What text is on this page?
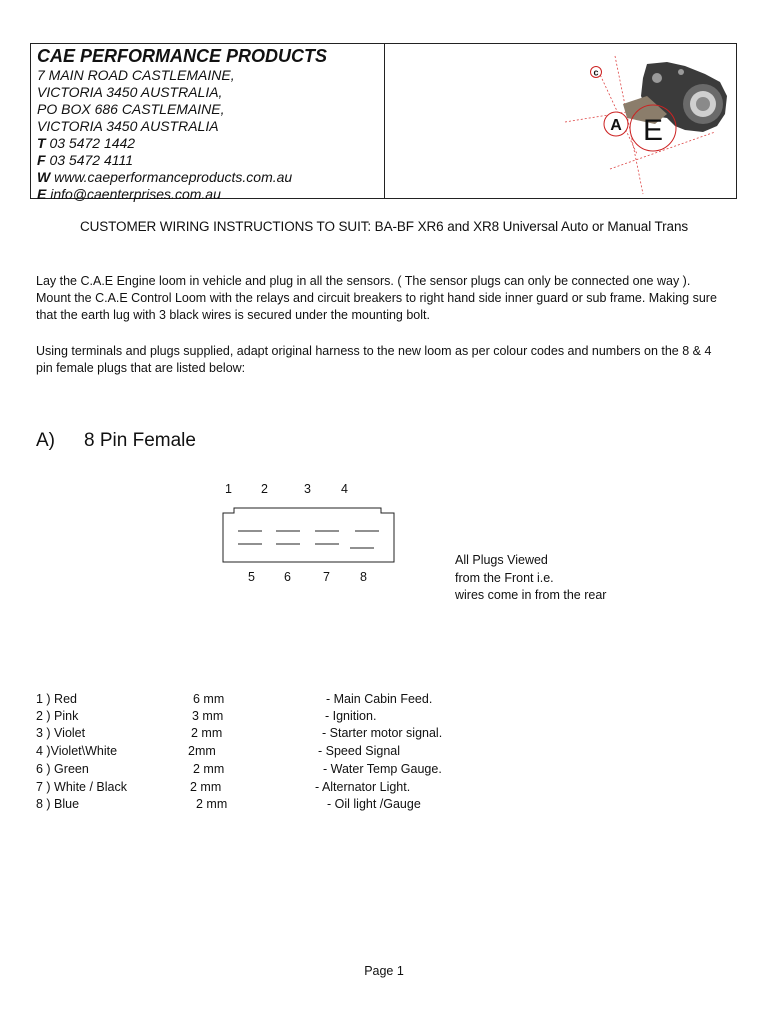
CAE PERFORMANCE PRODUCTS
7 MAIN ROAD CASTLEMAINE,
VICTORIA 3450 AUSTRALIA,
PO BOX 686 CASTLEMAINE,
VICTORIA 3450 AUSTRALIA
T 03 5472 1442
F 03 5472 4111
W www.caeperformanceproducts.com.au
E info@caenterprises.com.au
c
A E
CUSTOMER WIRING INSTRUCTIONS TO SUIT: BA-BF XR6 and XR8 Universal Auto or Manual Trans
Lay the C.A.E Engine loom in vehicle and plug in all the sensors. ( The sensor plugs can only be connected one way ). Mount the C.A.E Control Loom with the relays and circuit breakers to right hand side inner guard or sub frame. Making sure that the earth lug with 3 black wires is secured under the mounting bolt.
Using terminals and plugs supplied, adapt original harness to the new loom as per colour codes and numbers on the 8 & 4 pin female plugs that are listed below:
A) 8 Pin Female
1 2	3 4
5 6	7 8
All Plugs Viewed
from the Front i.e.
wires come in from the rear
1 ) Red	6 mm	- Main Cabin Feed.
2 ) Pink	3 mm	- Ignition.
3 ) Violet	2 mm	- Starter motor signal.
4 )Violet\White	2mm	- Speed Signal
6 ) Green	2 mm	- Water Temp Gauge.
7 ) White / Black	2 mm	- Alternator Light.
8 ) Blue	2 mm	- Oil light /Gauge
Page 1
